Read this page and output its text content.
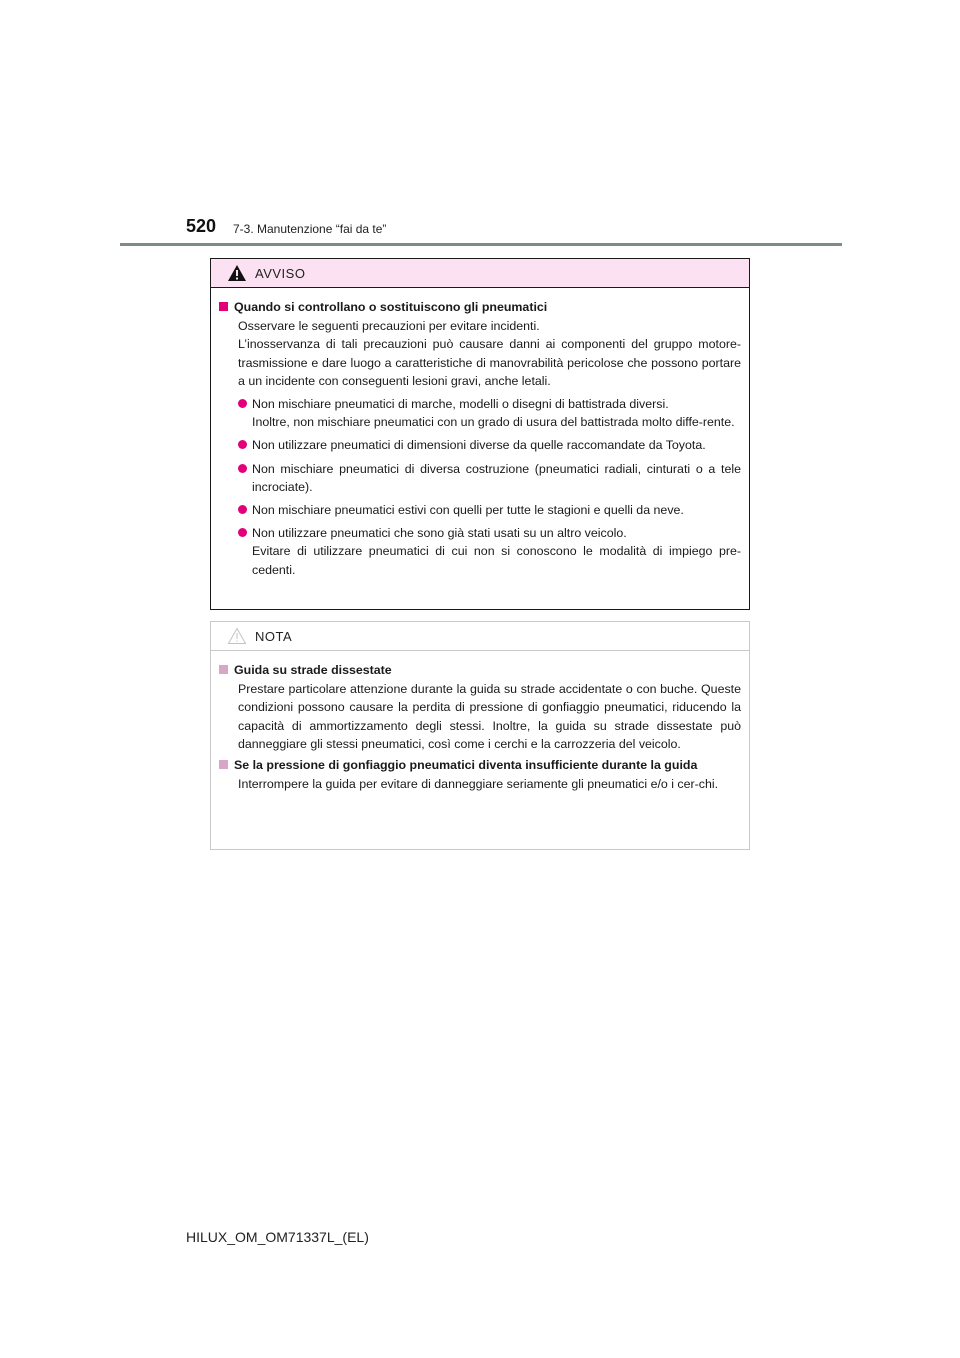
520 7-3. Manutenzione “fai da te”
AVVISO
Quando si controllano o sostituiscono gli pneumatici
Osservare le seguenti precauzioni per evitare incidenti.
L’inosservanza di tali precauzioni può causare danni ai componenti del gruppo motore-trasmissione e dare luogo a caratteristiche di manovrabilità pericolose che possono portare a un incidente con conseguenti lesioni gravi, anche letali.
Non mischiare pneumatici di marche, modelli o disegni di battistrada diversi.
Inoltre, non mischiare pneumatici con un grado di usura del battistrada molto diffe-rente.
Non utilizzare pneumatici di dimensioni diverse da quelle raccomandate da Toyota.
Non mischiare pneumatici di diversa costruzione (pneumatici radiali, cinturati o a tele incrociate).
Non mischiare pneumatici estivi con quelli per tutte le stagioni e quelli da neve.
Non utilizzare pneumatici che sono già stati usati su un altro veicolo.
Evitare di utilizzare pneumatici di cui non si conoscono le modalità di impiego pre-cedenti.
NOTA
Guida su strade dissestate
Prestare particolare attenzione durante la guida su strade accidentate o con buche. Queste condizioni possono causare la perdita di pressione di gonfiaggio pneumatici, riducendo la capacità di ammortizzamento degli stessi. Inoltre, la guida su strade dissestate può danneggiare gli stessi pneumatici, così come i cerchi e la carrozzeria del veicolo.
Se la pressione di gonfiaggio pneumatici diventa insufficiente durante la guida
Interrompere la guida per evitare di danneggiare seriamente gli pneumatici e/o i cer-chi.
HILUX_OM_OM71337L_(EL)
